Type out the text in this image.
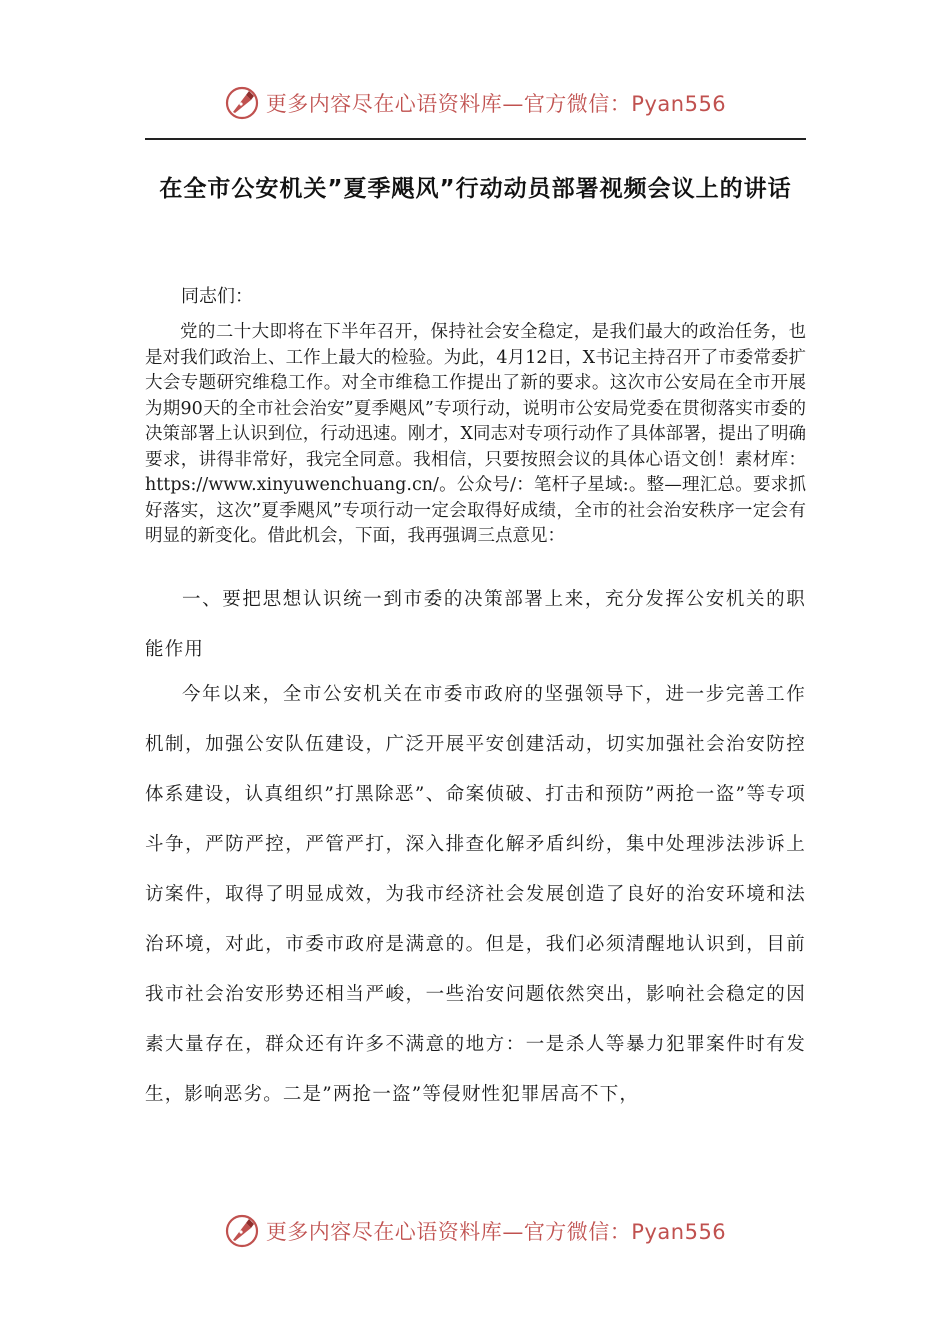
更多内容尽在心语资料库—官方微信：Pyan556
在全市公安机关”夏季飓风”行动动员部署视频会议上的讲话
同志们：
党的二十大即将在下半年召开，保持社会安全稳定，是我们最大的政治任务，也是对我们政治上、工作上最大的检验。为此，4月12日，X书记主持召开了市委常委扩大会专题研究维稳工作。对全市维稳工作提出了新的要求。这次市公安局在全市开展为期90天的全市社会治安”夏季飓风”专项行动，说明市公安局党委在贯彻落实市委的决策部署上认识到位，行动迅速。刚才，X同志对专项行动作了具体部署，提出了明确要求，讲得非常好，我完全同意。我相信，只要按照会议的具体心语文创！素材库：https://www.xinyuwenchuang.cn/。公众号/：笔杆子星域:。整—理汇总。要求抓好落实，这次”夏季飓风”专项行动一定会取得好成绩，全市的社会治安秩序一定会有明显的新变化。借此机会，下面，我再强调三点意见：
一、要把思想认识统一到市委的决策部署上来，充分发挥公安机关的职能作用
今年以来，全市公安机关在市委市政府的坚强领导下，进一步完善工作机制，加强公安队伍建设，广泛开展平安创建活动，切实加强社会治安防控体系建设，认真组织”打黑除恶”、命案侦破、打击和预防”两抢一盗”等专项斗争，严防严控，严管严打，深入排查化解矛盾纠纷，集中处理涉法涉诉上访案件，取得了明显成效，为我市经济社会发展创造了良好的治安环境和法治环境，对此，市委市政府是满意的。但是，我们必须清醒地认识到，目前我市社会治安形势还相当严峻，一些治安问题依然突出，影响社会稳定的因素大量存在，群众还有许多不满意的地方：一是杀人等暴力犯罪案件时有发生，影响恶劣。二是”两抢一盗”等侵财性犯罪居高不下，
更多内容尽在心语资料库—官方微信：Pyan556
